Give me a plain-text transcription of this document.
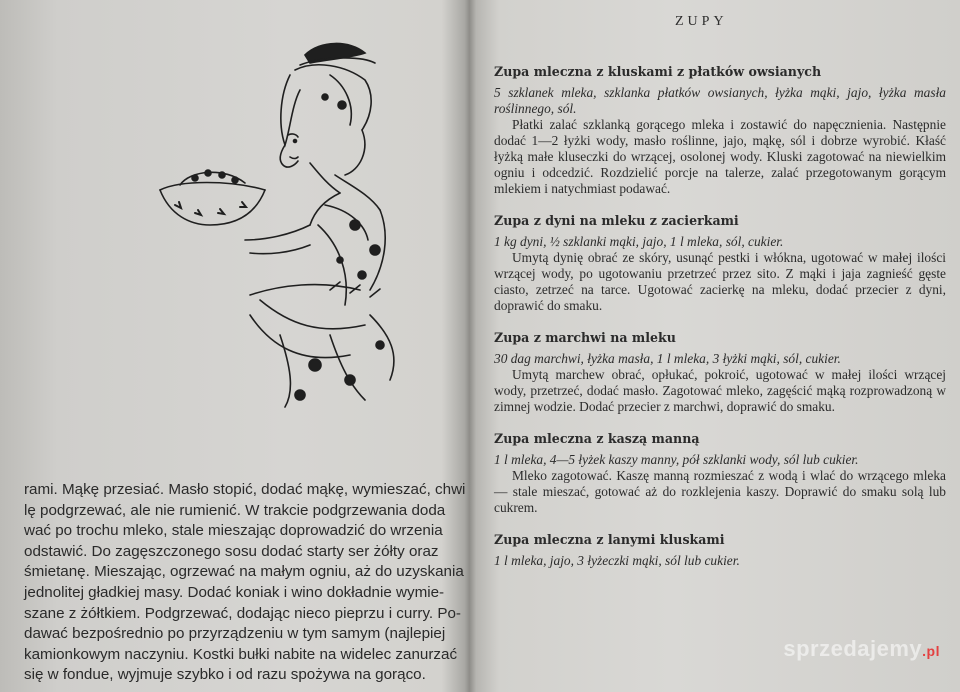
rami. Mąkę przesiać. Masło stopić, dodać mąkę, wymieszać, chwi
lę podgrzewać, ale nie rumienić. W trakcie podgrzewania doda
wać po trochu mleko, stale mieszając doprowadzić do wrzenia
odstawić. Do zagęszczonego sosu dodać starty ser żółty oraz
śmietanę. Mieszając, ogrzewać na małym ogniu, aż do uzyskania
jednolitej gładkiej masy. Dodać koniak i wino dokładnie wymie-
szane z żółtkiem. Podgrzewać, dodając nieco pieprzu i curry. Po-
dawać bezpośrednio po przyrządzeniu w tym samym (najlepiej
kamionkowym naczyniu. Kostki bułki nabite na widelec zanurzać
się w fondue, wyjmuje szybko i od razu spożywa na gorąco.
ZUPY
Zupa mleczna z kluskami z płatków owsianych
5 szklanek mleka, szklanka płatków owsianych, łyżka mąki, jajo, łyżka masła roślinnego, sól.
Płatki zalać szklanką gorącego mleka i zostawić do napęcznienia. Następnie dodać 1—2 łyżki wody, masło roślinne, jajo, mąkę, sól i dobrze wyrobić. Kłaść łyżką małe kluseczki do wrzącej, osolonej wody. Kluski zagotować na niewielkim ogniu i odcedzić. Rozdzielić porcje na talerze, zalać przegotowanym gorącym mlekiem i natychmiast podawać.
Zupa z dyni na mleku z zacierkami
1 kg dyni, ½ szklanki mąki, jajo, 1 l mleka, sól, cukier.
Umytą dynię obrać ze skóry, usunąć pestki i włókna, ugotować w małej ilości wrzącej wody, po ugotowaniu przetrzeć przez sito. Z mąki i jaja zagnieść gęste ciasto, zetrzeć na tarce. Ugotować zacierkę na mleku, dodać przecier z dyni, doprawić do smaku.
Zupa z marchwi na mleku
30 dag marchwi, łyżka masła, 1 l mleka, 3 łyżki mąki, sól, cukier.
Umytą marchew obrać, opłukać, pokroić, ugotować w małej ilości wrzącej wody, przetrzeć, dodać masło. Zagotować mleko, zagęścić mąką rozprowadzoną w zimnej wodzie. Dodać przecier z marchwi, doprawić do smaku.
Zupa mleczna z kaszą manną
1 l mleka, 4—5 łyżek kaszy manny, pół szklanki wody, sól lub cukier.
Mleko zagotować. Kaszę manną rozmieszać z wodą i wlać do wrzącego mleka — stale mieszać, gotować aż do rozklejenia kaszy. Doprawić do smaku solą lub cukrem.
Zupa mleczna z lanymi kluskami
1 l mleka, jajo, 3 łyżeczki mąki, sól lub cukier.
sprzedajemy.pl
